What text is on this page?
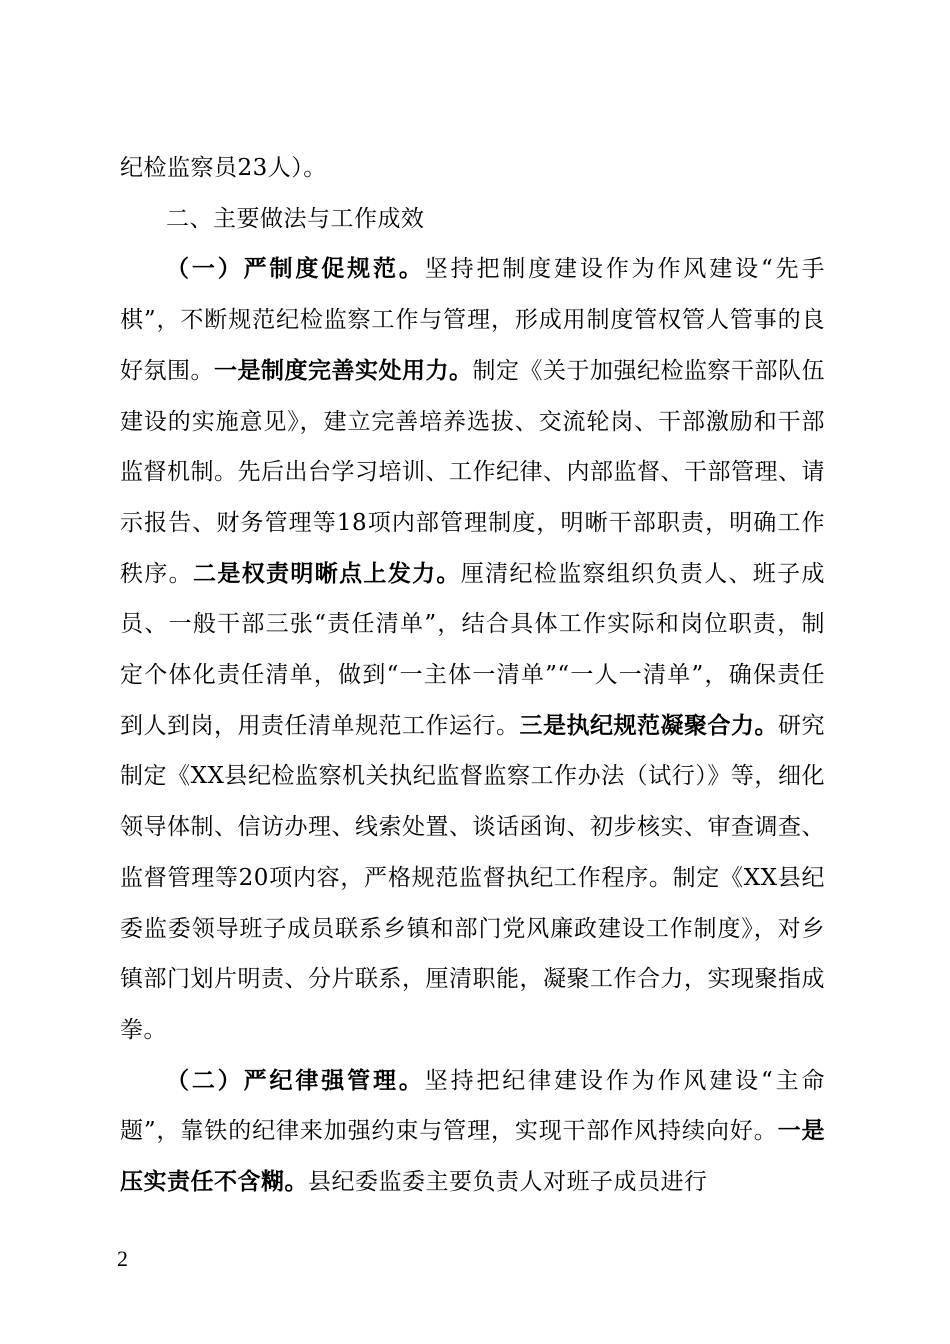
纪检监察员23人）。

二、主要做法与工作成效

（一）严制度促规范。坚持把制度建设作为作风建设“先手棋”，不断规范纪检监察工作与管理，形成用制度管权管人管事的良好氛围。一是制度完善实处用力。制定《关于加强纪检监察干部队伍建设的实施意见》，建立完善培养选拔、交流轮岗、干部激励和干部监督机制。先后出台学习培训、工作纪律、内部监督、干部管理、请示报告、财务管理等18项内部管理制度，明晰干部职责，明确工作秩序。二是权责明晰点上发力。厘清纪检监察组织负责人、班子成员、一般干部三张“责任清单”，结合具体工作实际和岗位职责，制定个体化责任清单，做到“一主体一清单”“一人一清单”，确保责任到人到岗，用责任清单规范工作运行。三是执纪规范凝聚合力。研究制定《XX县纪检监察机关执纪监督监察工作办法（试行）》等，细化领导体制、信访办理、线索处置、谈话函询、初步核实、审查调查、监督管理等20项内容，严格规范监督执纪工作程序。制定《XX县纪委监委领导班子成员联系乡镇和部门党风廉政建设工作制度》，对乡镇部门划片明责、分片联系，厘清职能，凝聚工作合力，实现聚指成拳。

（二）严纪律强管理。坚持把纪律建设作为作风建设“主命题”，靠铁的纪律来加强约束与管理，实现干部作风持续向好。一是压实责任不含糊。县纪委监委主要负责人对班子成员进行

2
